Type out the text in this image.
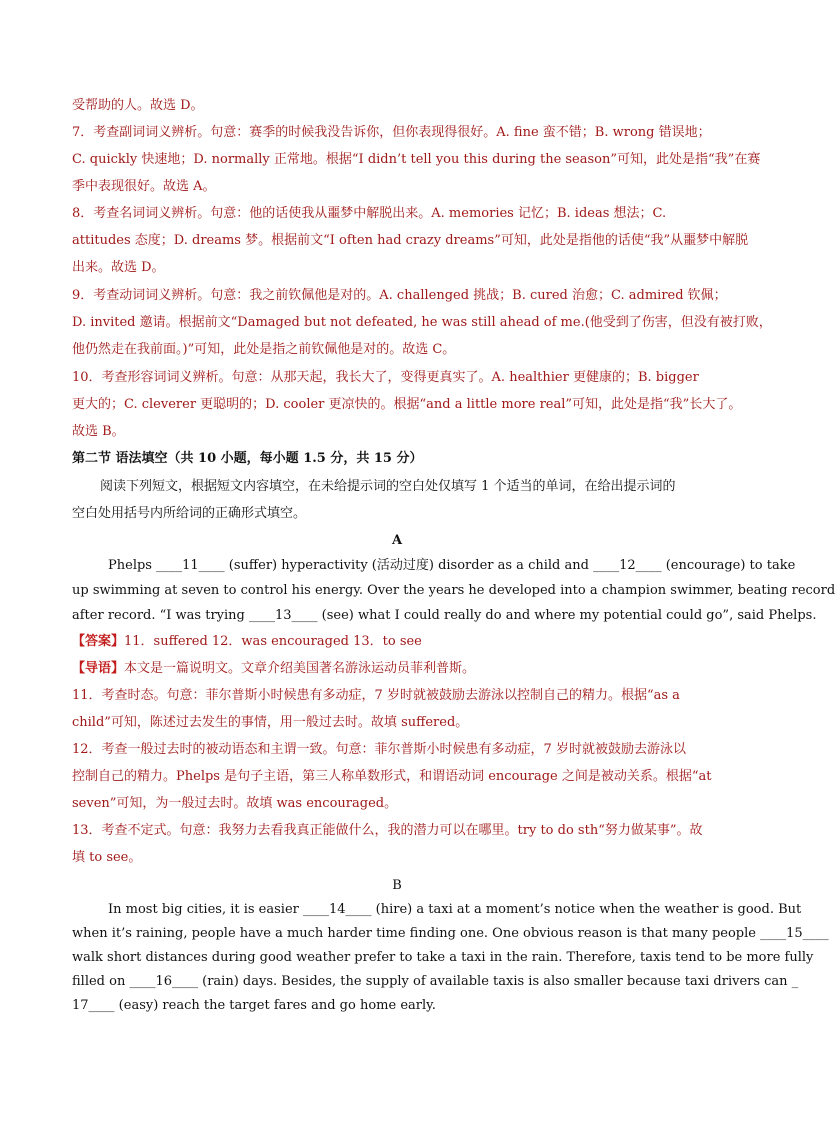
受帮助的人。故选 D。
7．考查副词词义辨析。句意：赛季的时候我没告诉你，但你表现得很好。A. fine 蛮不错；B. wrong 错误地；
C. quickly 快速地；D. normally 正常地。根据“I didn’t tell you this during the season”可知，此处是指“我”在赛
季中表现很好。故选 A。
8．考查名词词义辨析。句意：他的话使我从噩梦中解脱出来。A. memories 记忆；B. ideas 想法；C.
attitudes 态度；D. dreams 梦。根据前文“I often had crazy dreams”可知，此处是指他的话使“我”从噩梦中解脱
出来。故选 D。
9．考查动词词义辨析。句意：我之前钦佩他是对的。A. challenged 挑战；B. cured 治愈；C. admired 钦佩；
D. invited 邀请。根据前文“Damaged but not defeated, he was still ahead of me.(他受到了伤害，但没有被打败，
他仍然走在我前面。)”可知，此处是指之前钦佩他是对的。故选 C。
10．考查形容词词义辨析。句意：从那天起，我长大了，变得更真实了。A. healthier 更健康的；B. bigger
更大的；C. cleverer 更聪明的；D. cooler 更凉快的。根据“and a little more real”可知，此处是指“我”长大了。
故选 B。
第二节 语法填空（共 10 小题，每小题 1.5 分，共 15 分）
阅读下列短文，根据短文内容填空，在未给提示词的空白处仅填写 1 个适当的单词，在给出提示词的
空白处用括号内所给词的正确形式填空。
A
Phelps ____11____ (suffer) hyperactivity (活动过度) disorder as a child and ____12____ (encourage) to take
up swimming at seven to control his energy. Over the years he developed into a champion swimmer, beating record
after record. “I was trying ____13____ (see) what I could really do and where my potential could go”, said Phelps.
【答案】11．suffered 12．was encouraged 13．to see
【导语】本文是一篇说明文。文章介绍美国著名游泳运动员菲利普斯。
11．考查时态。句意：菲尔普斯小时候患有多动症，7 岁时就被鼓励去游泳以控制自己的精力。根据“as a
child”可知，陈述过去发生的事情，用一般过去时。故填 suffered。
12．考查一般过去时的被动语态和主谓一致。句意：菲尔普斯小时候患有多动症，7 岁时就被鼓励去游泳以
控制自己的精力。Phelps 是句子主语，第三人称单数形式，和谓语动词 encourage 之间是被动关系。根据“at
seven”可知，为一般过去时。故填 was encouraged。
13．考查不定式。句意：我努力去看我真正能做什么，我的潜力可以在哪里。try to do sth“努力做某事”。故
填 to see。
B
In most big cities, it is easier ____14____ (hire) a taxi at a moment’s notice when the weather is good. But
when it’s raining, people have a much harder time finding one. One obvious reason is that many people ____15____
walk short distances during good weather prefer to take a taxi in the rain. Therefore, taxis tend to be more fully
filled on ____16____ (rain) days. Besides, the supply of available taxis is also smaller because taxi drivers can _
17____ (easy) reach the target fares and go home early.
